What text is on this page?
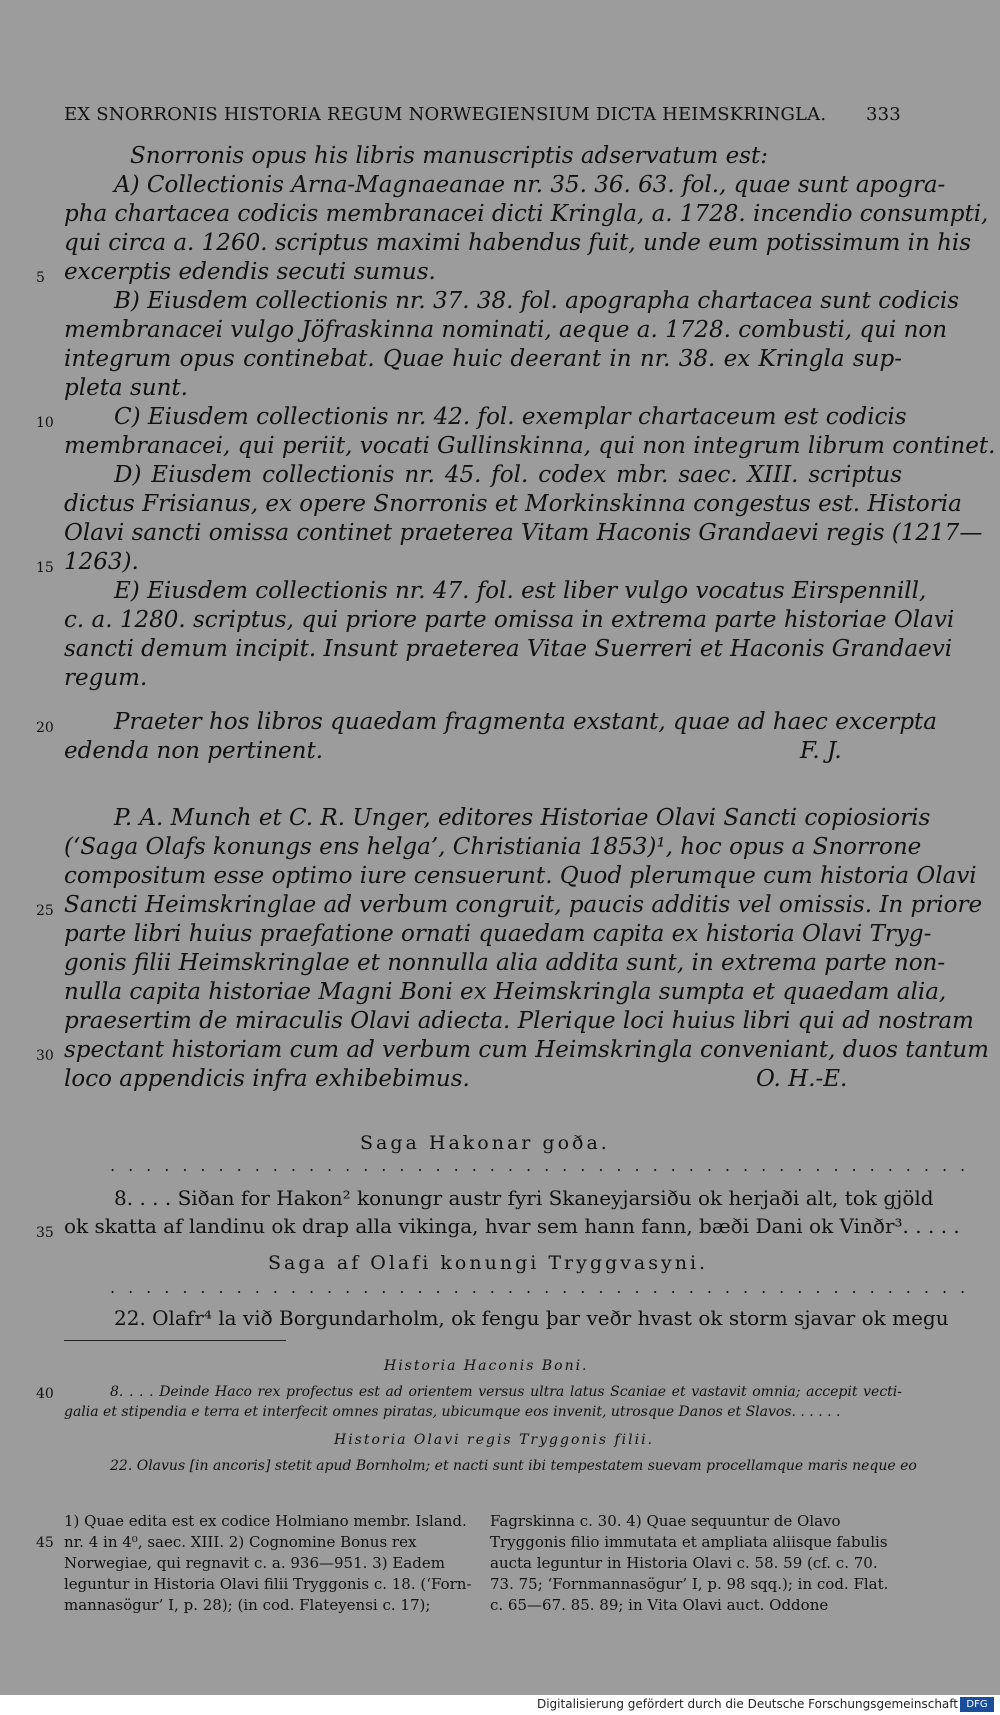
EX SNORRONIS HISTORIA REGUM NORWEGIENSIUM DICTA HEIMSKRINGLA. 333
Snorronis opus his libris manuscriptis adservatum est:
A) Collectionis Arna-Magnaeanae nr. 35. 36. 63. fol., quae sunt apogra-
pha chartacea codicis membranacei dicti Kringla, a. 1728. incendio consumpti,
qui circa a. 1260. scriptus maximi habendus fuit, unde eum potissimum in his
excerptis edendis secuti sumus.
B) Eiusdem collectionis nr. 37. 38. fol. apographa chartacea sunt codicis
membranacei vulgo Jöfraskinna nominati, aeque a. 1728. combusti, qui non
integrum opus continebat. Quae huic deerant in nr. 38. ex Kringla sup-
pleta sunt.
C) Eiusdem collectionis nr. 42. fol. exemplar chartaceum est codicis
membranacei, qui periit, vocati Gullinskinna, qui non integrum librum continet.
D) Eiusdem collectionis nr. 45. fol. codex mbr. saec. XIII. scriptus
dictus Frisianus, ex opere Snorronis et Morkinskinna congestus est. Historia
Olavi sancti omissa continet praeterea Vitam Haconis Grandaevi regis (1217—
1263).
E) Eiusdem collectionis nr. 47. fol. est liber vulgo vocatus Eirspennill,
c. a. 1280. scriptus, qui priore parte omissa in extrema parte historiae Olavi
sancti demum incipit. Insunt praeterea Vitae Suerreri et Haconis Grandaevi
regum.
Praeter hos libros quaedam fragmenta exstant, quae ad haec excerpta
edenda non pertinent.	F. J.
P. A. Munch et C. R. Unger, editores Historiae Olavi Sancti copiosioris
(‘Saga Olafs konungs ens helga’, Christiania 1853)¹, hoc opus a Snorrone
compositum esse optimo iure censuerunt. Quod plerumque cum historia Olavi
Sancti Heimskringlae ad verbum congruit, paucis additis vel omissis. In priore
parte libri huius praefatione ornati quaedam capita ex historia Olavi Tryg-
gonis filii Heimskringlae et nonnulla alia addita sunt, in extrema parte non-
nulla capita historiae Magni Boni ex Heimskringla sumpta et quaedam alia,
praesertim de miraculis Olavi adiecta. Plerique loci huius libri qui ad nostram
spectant historiam cum ad verbum cum Heimskringla conveniant, duos tantum
loco appendicis infra exhibebimus.	O. H.-E.
Saga Hakonar goða.
................................................
8. . . . Siðan for Hakon² konungr austr fyri Skaneyjarsiðu ok herjaði alt, tok gjöld
ok skatta af landinu ok drap alla vikinga, hvar sem hann fann, bæði Dani ok Vinðr³. . . . .
Saga af Olafi konungi Tryggvasyni.
................................................
22. Olafr⁴ la við Borgundarholm, ok fengu þar veðr hvast ok storm sjavar ok megu
Historia Haconis Boni.
8. . . . Deinde Haco rex profectus est ad orientem versus ultra latus Scaniae et vastavit omnia; accepit vecti-
galia et stipendia e terra et interfecit omnes piratas, ubicumque eos invenit, utrosque Danos et Slavos. . . . . .
Historia Olavi regis Tryggonis filii.
22. Olavus [in ancoris] stetit apud Bornholm; et nacti sunt ibi tempestatem suevam procellamque maris neque eo
1) Quae edita est ex codice Holmiano membr. Island.
nr. 4 in 4⁰, saec. XIII. 2) Cognomine Bonus rex
Norwegiae, qui regnavit c. a. 936—951. 3) Eadem
leguntur in Historia Olavi filii Tryggonis c. 18. (‘Forn-
mannasögur’ I, p. 28); (in cod. Flateyensi c. 17);
Fagrskinna c. 30. 4) Quae sequuntur de Olavo
Tryggonis filio immutata et ampliata aliisque fabulis
aucta leguntur in Historia Olavi c. 58. 59 (cf. c. 70.
73. 75; ‘Fornmannasögur’ I, p. 98 sqq.); in cod. Flat.
c. 65—67. 85. 89; in Vita Olavi auct. Oddone
5
10
15
20
25
30
35
40
45
Digitalisierung gefördert durch die Deutsche Forschungsgemeinschaft DFG
